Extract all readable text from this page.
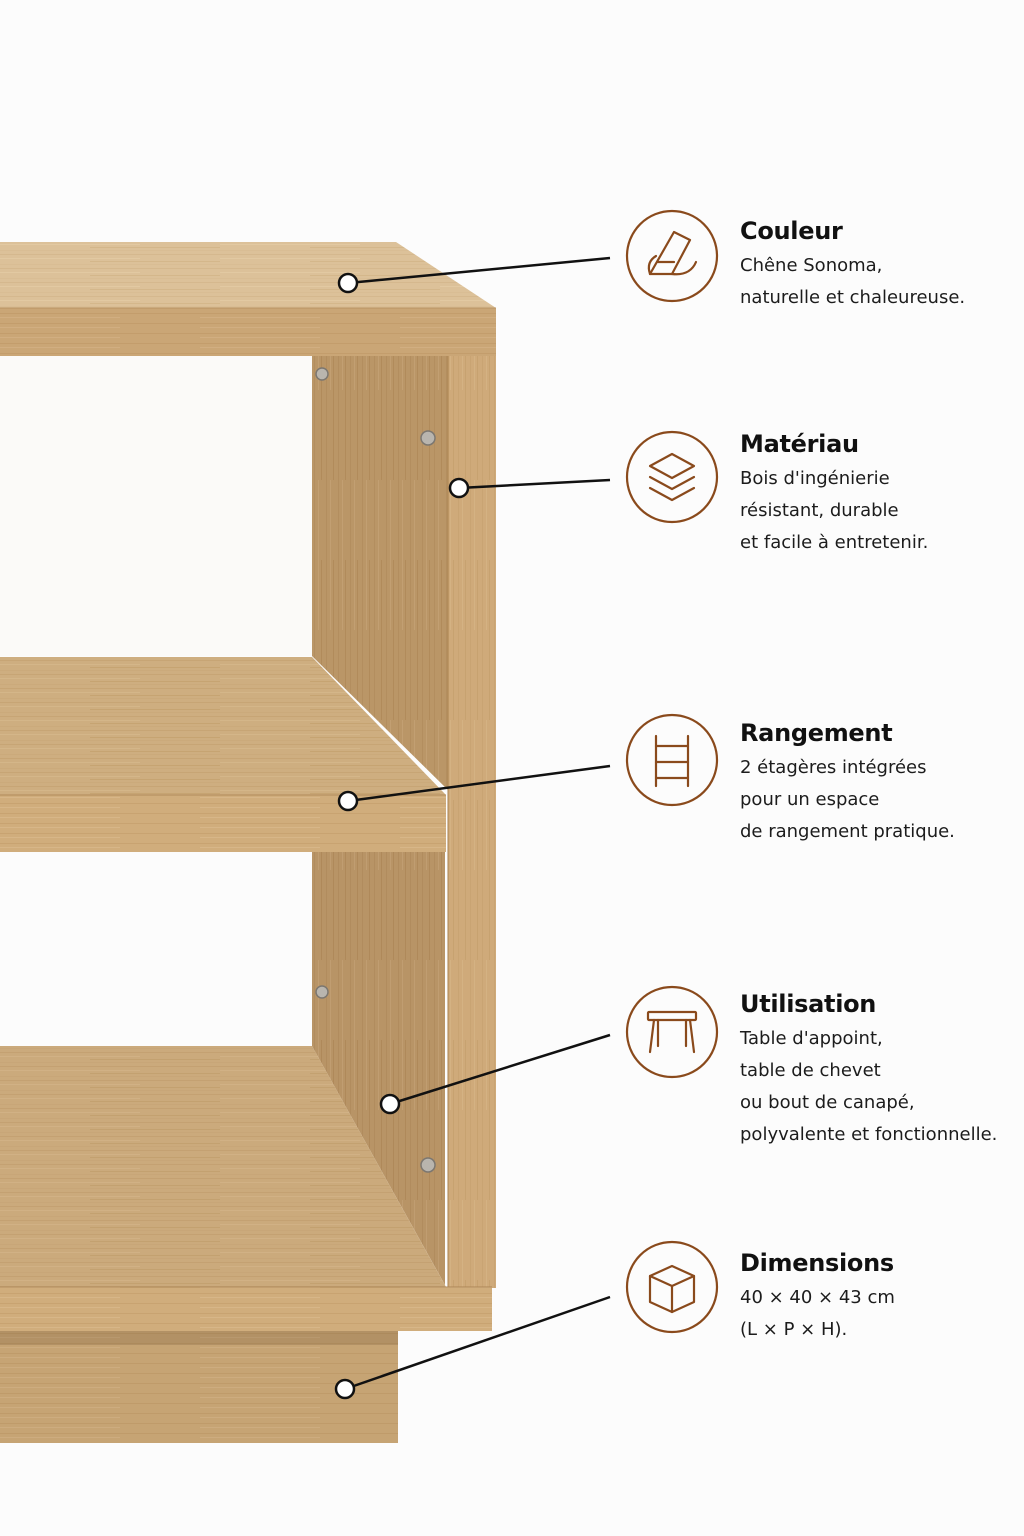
Couleur
Chêne Sonoma,
naturelle et chaleureuse.
Matériau
Bois d'ingénierie
résistant, durable
et facile à entretenir.
Rangement
2 étagères intégrées
pour un espace
de rangement pratique.
Utilisation
Table d'appoint,
table de chevet
ou bout de canapé,
polyvalente et fonctionnelle.
Dimensions
40 × 40 × 43 cm
(L × P × H).
